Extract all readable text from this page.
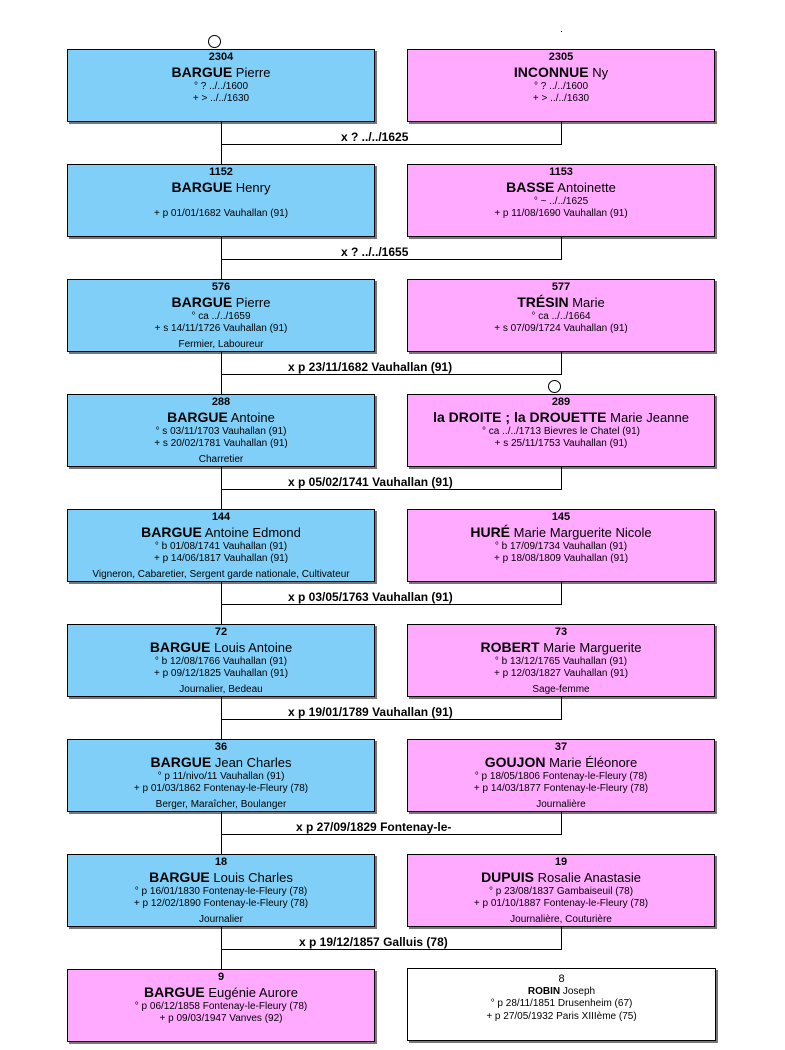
2304
BARGUE Pierre
° ? ../../1600
+ > ../../1630
2305
INCONNUE Ny
° ? ../../1600
+ > ../../1630
x ? ../../1625
1152
BARGUE Henry
+ p 01/01/1682 Vauhallan (91)
1153
BASSE Antoinette
° ~ ../../1625
+ p 11/08/1690 Vauhallan (91)
x ? ../../1655
576
BARGUE Pierre
° ca ../../1659
+ s 14/11/1726 Vauhallan (91)
Fermier, Laboureur
577
TRÉSIN Marie
° ca ../../1664
+ s 07/09/1724 Vauhallan (91)
x p 23/11/1682 Vauhallan (91)
288
BARGUE Antoine
° s 03/11/1703 Vauhallan (91)
+ s 20/02/1781 Vauhallan (91)
Charretier
289
la DROITE ; la DROUETTE Marie Jeanne
° ca ../../1713 Bievres le Chatel (91)
+ s 25/11/1753 Vauhallan (91)
x p 05/02/1741 Vauhallan (91)
144
BARGUE Antoine Edmond
° b 01/08/1741 Vauhallan (91)
+ p 14/06/1817 Vauhallan (91)
Vigneron, Cabaretier, Sergent garde nationale, Cultivateur
145
HURÉ Marie Marguerite Nicole
° b 17/09/1734 Vauhallan (91)
+ p 18/08/1809 Vauhallan (91)
x p 03/05/1763 Vauhallan (91)
72
BARGUE Louis Antoine
° b 12/08/1766 Vauhallan (91)
+ p 09/12/1825 Vauhallan (91)
Journalier, Bedeau
73
ROBERT Marie Marguerite
° b 13/12/1765 Vauhallan (91)
+ p 12/03/1827 Vauhallan (91)
Sage-femme
x p 19/01/1789 Vauhallan (91)
36
BARGUE Jean Charles
° p 11/nivo/11 Vauhallan (91)
+ p 01/03/1862 Fontenay-le-Fleury (78)
Berger, Maraîcher, Boulanger
37
GOUJON Marie Éléonore
° p 18/05/1806 Fontenay-le-Fleury (78)
+ p 14/03/1877 Fontenay-le-Fleury (78)
Journalière
x p 27/09/1829 Fontenay-le-
18
BARGUE Louis Charles
° p 16/01/1830 Fontenay-le-Fleury (78)
+ p 12/02/1890 Fontenay-le-Fleury (78)
Journalier
19
DUPUIS Rosalie Anastasie
° p 23/08/1837 Gambaiseuil (78)
+ p 01/10/1887 Fontenay-le-Fleury (78)
Journalière, Couturière
x p 19/12/1857 Galluis (78)
9
BARGUE Eugénie Aurore
° p 06/12/1858 Fontenay-le-Fleury (78)
+ p 09/03/1947 Vanves (92)
8
ROBIN Joseph
° p 28/11/1851 Drusenheim (67)
+ p 27/05/1932 Paris XIIIème (75)
